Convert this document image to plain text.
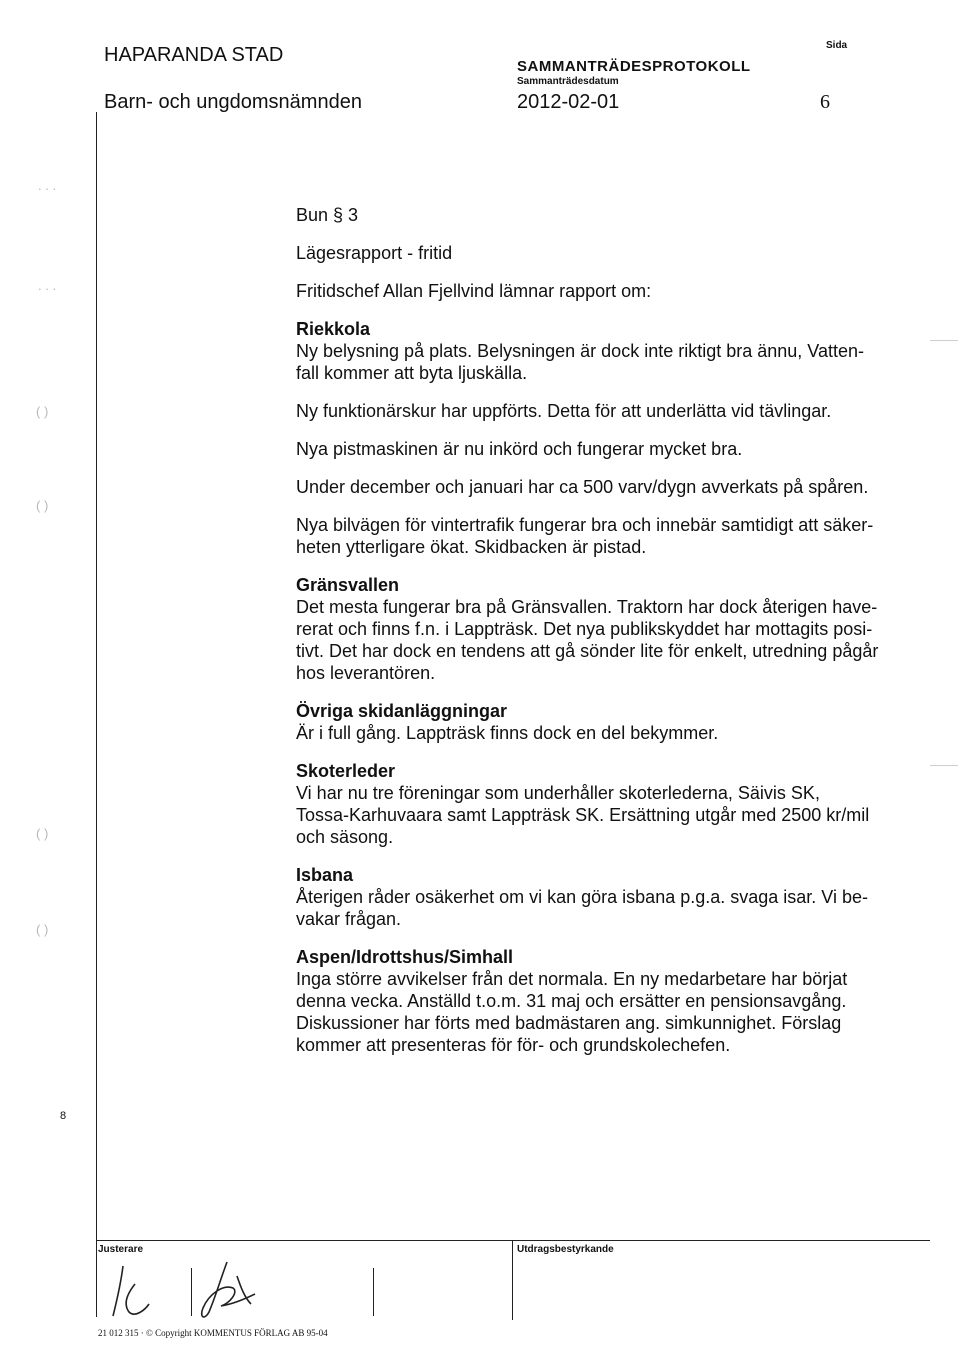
HAPARANDA STAD
Barn- och ungdomsnämnden
SAMMANTRÄDESPROTOKOLL
Sammanträdesdatum
2012-02-01
Sida
6
. . .
. . .
( )
( )
( )
( )
8

Bun § 3

Lägesrapport - fritid

Fritidschef Allan Fjellvind lämnar rapport om:

Riekkola

Ny belysning på plats. Belysningen är dock inte riktigt bra ännu, Vatten-

fall kommer att byta ljuskälla.

Ny funktionärskur har uppförts. Detta för att underlätta vid tävlingar.

Nya pistmaskinen är nu inkörd och fungerar mycket bra.

Under december och januari har ca 500 varv/dygn avverkats på spåren.

Nya bilvägen för vintertrafik fungerar bra och innebär samtidigt att säker-

heten ytterligare ökat. Skidbacken är pistad.

Gränsvallen

Det mesta fungerar bra på Gränsvallen. Traktorn har dock återigen have-

rerat och finns f.n. i Lappträsk. Det nya publikskyddet har mottagits posi-

tivt. Det har dock en tendens att gå sönder lite för enkelt, utredning pågår

hos leverantören.

Övriga skidanläggningar

Är i full gång. Lappträsk finns dock en del bekymmer.

Skoterleder

Vi har nu tre föreningar som underhåller skoterlederna, Säivis SK,

Tossa-Karhuvaara samt Lappträsk SK. Ersättning utgår med 2500 kr/mil

och säsong.

Isbana

Återigen råder osäkerhet om vi kan göra isbana p.g.a. svaga isar. Vi be-

vakar frågan.

Aspen/Idrottshus/Simhall

Inga större avvikelser från det normala. En ny medarbetare har börjat

denna vecka. Anställd t.o.m. 31 maj och ersätter en pensionsavgång.

Diskussioner har förts med badmästaren ang. simkunnighet. Förslag

kommer att presenteras för för- och grundskolechefen.

Justerare	Utdragsbestyrkande
21 012 315 · © Copyright KOMMENTUS FÖRLAG AB 95-04
